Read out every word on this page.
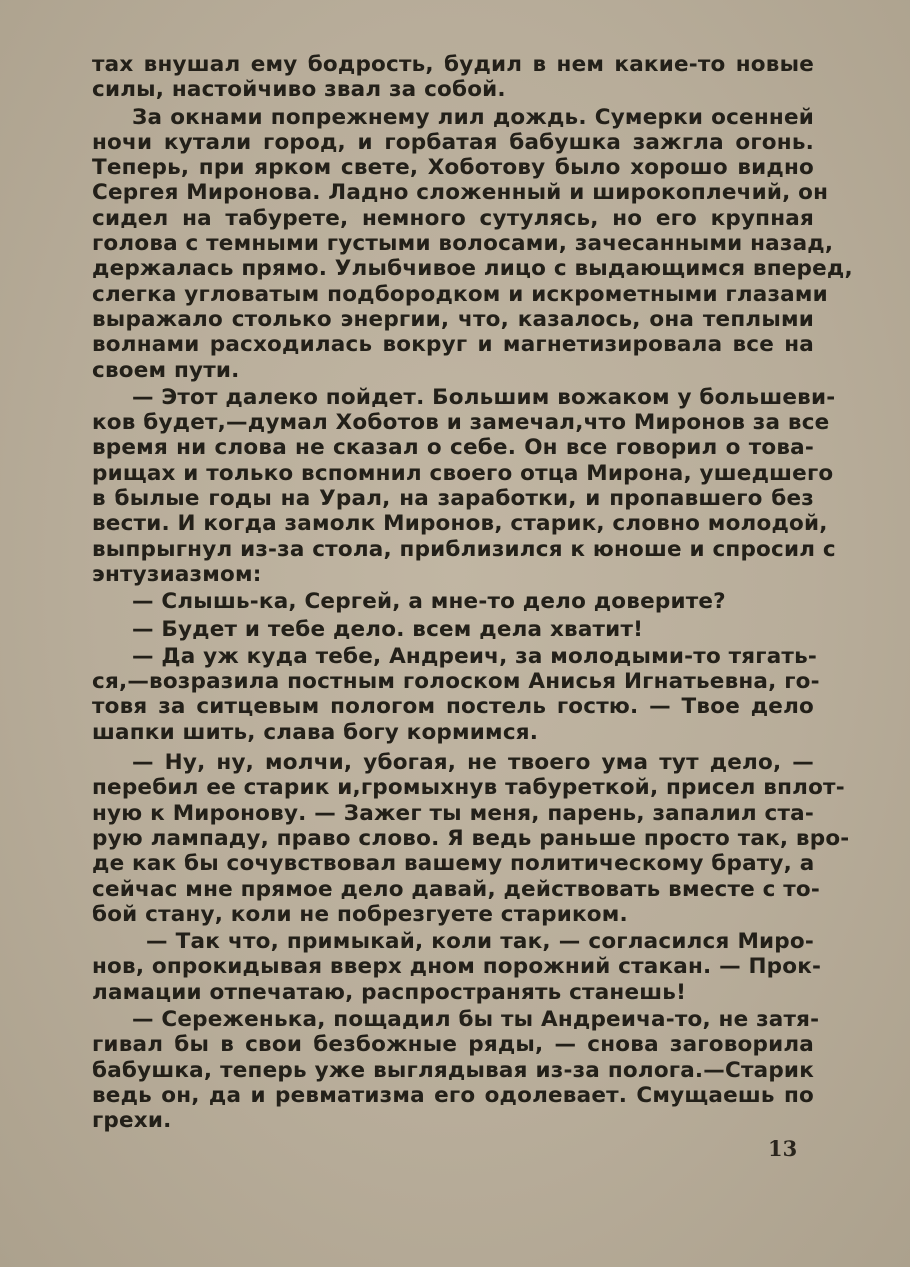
тах внушал ему бодрость, будил в нем какие-то новые
силы, настойчиво звал за собой.
За окнами попрежнему лил дождь. Сумерки осенней
ночи кутали город, и горбатая бабушка зажгла огонь.
Теперь, при ярком свете, Хоботову было хорошо видно
Сергея Миронова. Ладно сложенный и широкоплечий, он
сидел на табурете, немного сутулясь, но его крупная
голова с темными густыми волосами, зачесанными назад,
держалась прямо. Улыбчивое лицо с выдающимся вперед,
слегка угловатым подбородком и искрометными глазами
выражало столько энергии, что, казалось, она теплыми
волнами расходилась вокруг и магнетизировала все на
своем пути.
— Этот далеко пойдет. Большим вожаком у большеви-
ков будет,—думал Хоботов и замечал,что Миронов за все
время ни слова не сказал о себе. Он все говорил о това-
рищах и только вспомнил своего отца Мирона, ушедшего
в былые годы на Урал, на заработки, и пропавшего без
вести. И когда замолк Миронов, старик, словно молодой,
выпрыгнул из-за стола, приблизился к юноше и спросил с
энтузиазмом:
— Слышь-ка, Сергей, а мне-то дело доверите?
— Будет и тебе дело. всем дела хватит!
— Да уж куда тебе, Андреич, за молодыми-то тягать-
ся,—возразила постным голоском Анисья Игнатьевна, го-
товя за ситцевым пологом постель гостю. — Твое дело
шапки шить, слава богу кормимся.
— Ну, ну, молчи, убогая, не твоего ума тут дело, —
перебил ее старик и,громыхнув табуреткой, присел вплот-
ную к Миронову. — Зажег ты меня, парень, запалил ста-
рую лампаду, право слово. Я ведь раньше просто так, вро-
де как бы сочувствовал вашему политическому брату, а
сейчас мне прямое дело давай, действовать вместе с то-
бой стану, коли не побрезгуете стариком.
— Так что, примыкай, коли так, — согласился Миро-
нов, опрокидывая вверх дном порожний стакан. — Прок-
ламации отпечатаю, распространять станешь!
— Сереженька, пощадил бы ты Андреича-то, не затя-
гивал бы в свои безбожные ряды, — снова заговорила
бабушка, теперь уже выглядывая из-за полога.—Старик
ведь он, да и ревматизма его одолевает. Смущаешь по
грехи.
13
